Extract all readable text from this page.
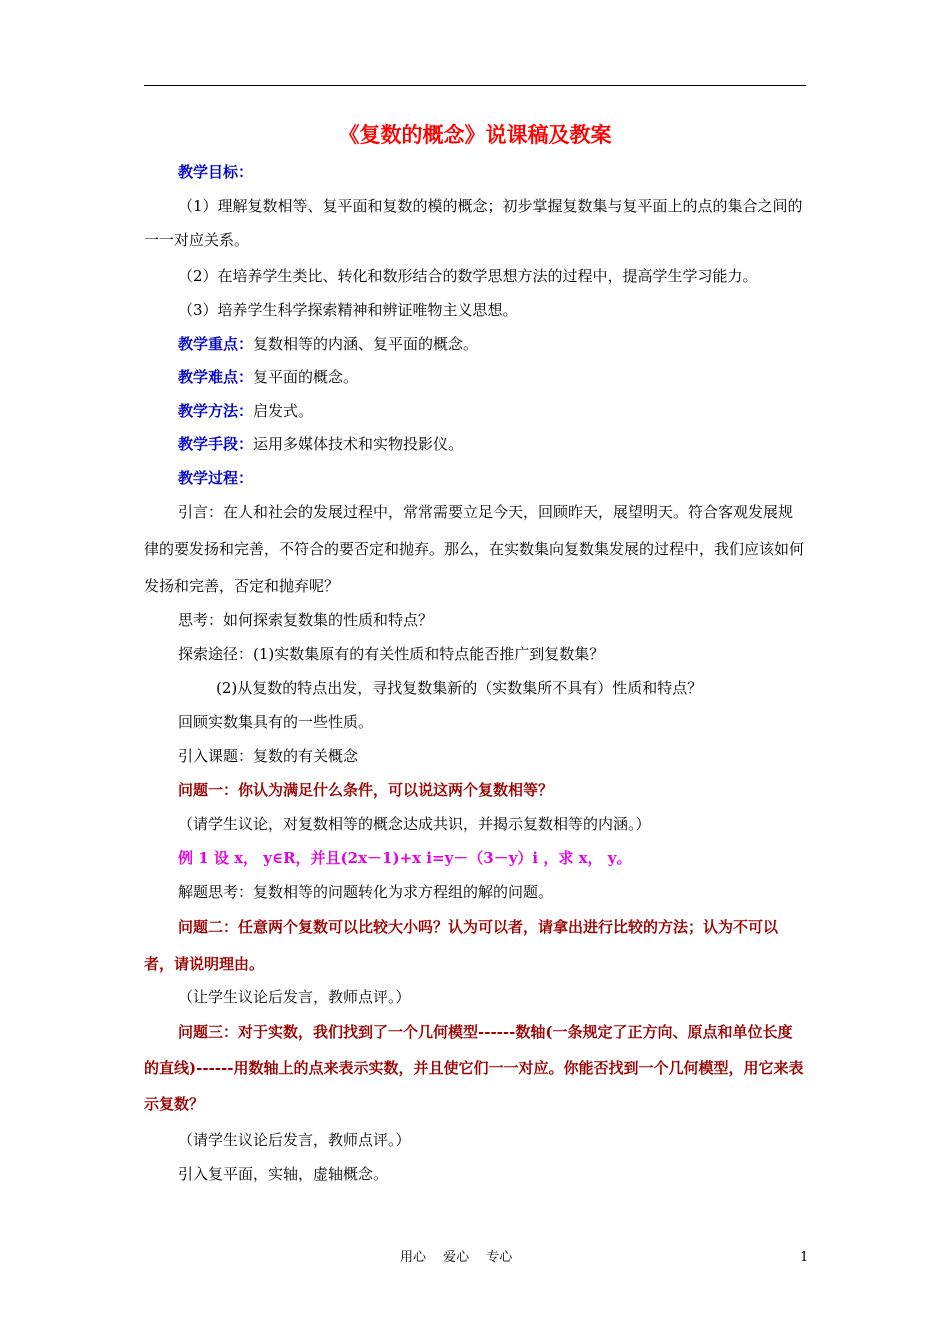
《复数的概念》说课稿及教案
教学目标：
（1）理解复数相等、复平面和复数的模的概念；初步掌握复数集与复平面上的点的集合之间的一一对应关系。
（2）在培养学生类比、转化和数形结合的数学思想方法的过程中，提高学生学习能力。
（3）培养学生科学探索精神和辨证唯物主义思想。
教学重点：复数相等的内涵、复平面的概念。
教学难点：复平面的概念。
教学方法：启发式。
教学手段：运用多媒体技术和实物投影仪。
教学过程：
引言：在人和社会的发展过程中，常常需要立足今天，回顾昨天，展望明天。符合客观发展规律的要发扬和完善，不符合的要否定和抛弃。那么，在实数集向复数集发展的过程中，我们应该如何发扬和完善，否定和抛弃呢？
思考：如何探索复数集的性质和特点？
探索途径：(1)实数集原有的有关性质和特点能否推广到复数集？
(2)从复数的特点出发，寻找复数集新的（实数集所不具有）性质和特点？
回顾实数集具有的一些性质。
引入课题：复数的有关概念
问题一：你认为满足什么条件，可以说这两个复数相等？
（请学生议论，对复数相等的概念达成共识，并揭示复数相等的内涵。）
例 1 设 x， y∈R，并且(2x－1)+x i=y－（3－y）i ，求 x， y。
解题思考：复数相等的问题转化为求方程组的解的问题。
问题二：任意两个复数可以比较大小吗？认为可以者，请拿出进行比较的方法；认为不可以者，请说明理由。
（让学生议论后发言，教师点评。）
问题三：对于实数，我们找到了一个几何模型------数轴(一条规定了正方向、原点和单位长度的直线)------用数轴上的点来表示实数，并且使它们一一对应。你能否找到一个几何模型，用它来表示复数？
（请学生议论后发言，教师点评。）
引入复平面，实轴，虚轴概念。
用心　 爱心　 专心	1
